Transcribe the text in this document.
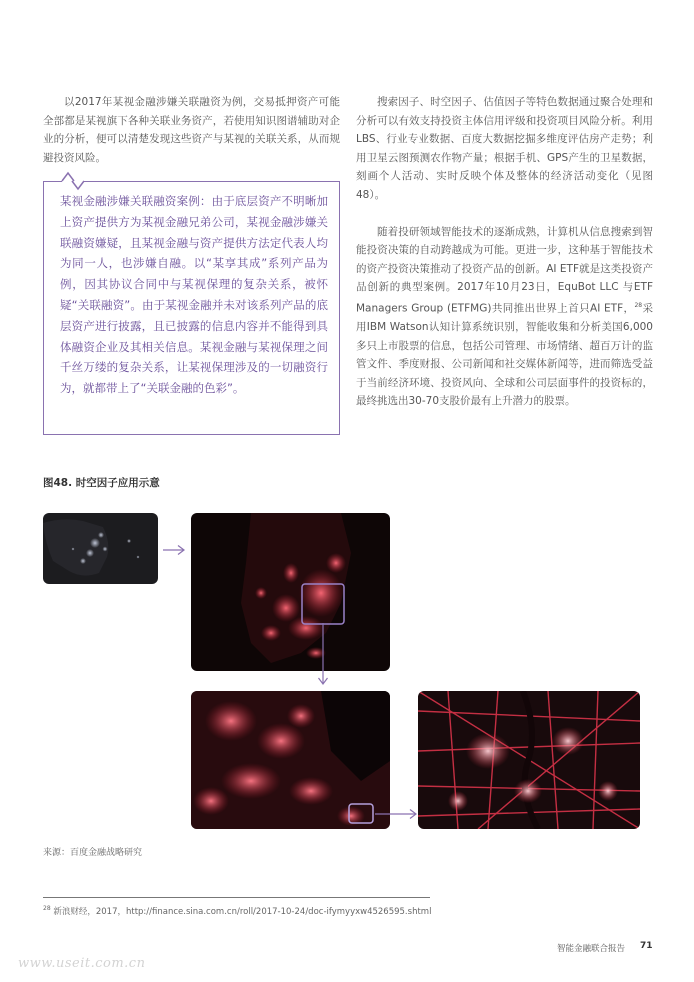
以2017年某视金融涉嫌关联融资为例，交易抵押资产可能全部都是某视旗下各种关联业务资产，若使用知识图谱辅助对企业的分析，便可以清楚发现这些资产与某视的关联关系，从而规避投资风险。

某视金融涉嫌关联融资案例：由于底层资产不明晰加上资产提供方为某视金融兄弟公司，某视金融涉嫌关联融资嫌疑，且某视金融与资产提供方法定代表人均为同一人，也涉嫌自融。以“某享其成”系列产品为例，因其协议合同中与某视保理的复杂关系，被怀疑“关联融资”。由于某视金融并未对该系列产品的底层资产进行披露，且已披露的信息内容并不能得到具体融资企业及其相关信息。某视金融与某视保理之间千丝万缕的复杂关系，让某视保理涉及的一切融资行为，就都带上了“关联金融的色彩”。

搜索因子、时空因子、估值因子等特色数据通过聚合处理和分析可以有效支持投资主体信用评级和投资项目风险分析。利用LBS、行业专业数据、百度大数据挖掘多维度评估房产走势；利用卫星云图预测农作物产量；根据手机、GPS产生的卫星数据，刻画个人活动、实时反映个体及整体的经济活动变化（见图48）。

随着投研领域智能技术的逐渐成熟，计算机从信息搜索到智能投资决策的自动跨越成为可能。更进一步，这种基于智能技术的资产投资决策推动了投资产品的创新。AI ETF就是这类投资产品创新的典型案例。2017年10月23日，EquBot LLC 与ETF Managers Group (ETFMG)共同推出世界上首只AI ETF，$^{28}$采用IBM Watson认知计算系统识别，智能收集和分析美国6,000多只上市股票的信息，包括公司管理、市场情绪、超百万计的监管文件、季度财报、公司新闻和社交媒体新闻等，进而筛选受益于当前经济环境、投资风向、全球和公司层面事件的投资标的，最终挑选出30-70支股价最有上升潜力的股票。

图48. 时空因子应用示意
来源：百度金融战略研究
$^{28}$ 新浪财经，2017，http://finance.sina.com.cn/roll/2017-10-24/doc-ifymyyxw4526595.shtml
智能金融联合报告 71
www.useit.com.cn
